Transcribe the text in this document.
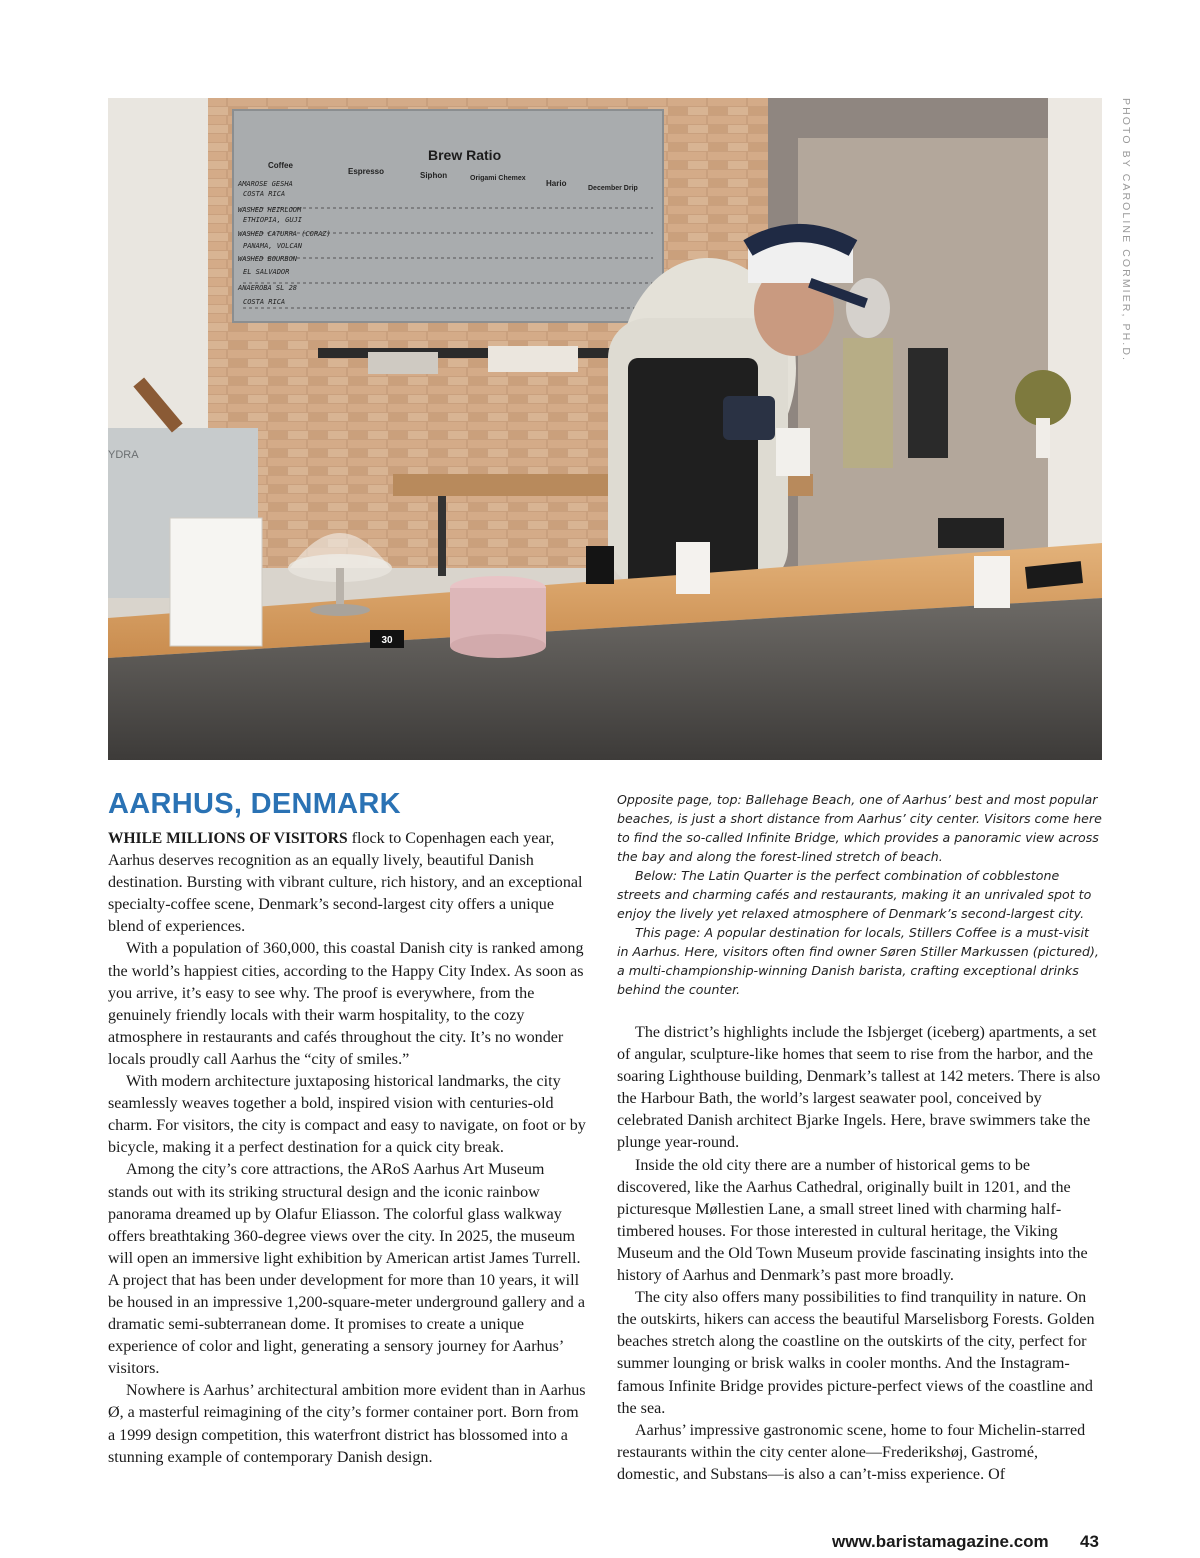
30
Brew Ratio
Coffee
Espresso	Siphon	Origami Chemex
Hario
December Drip
AMAROSE GESHA
COSTA RICA
WASHED HEIRLOOM
ETHIOPIA, GUJI
WASHED CATURRA (CORAZ)
PANAMA, VOLCAN
WASHED BOURBON
EL SALVADOR
ANAEROBA SL 28
COSTA RICA
YDRA
PHOTO BY CAROLINE CORMIER, PH.D.
AARHUS, DENMARK

WHILE MILLIONS OF VISITORS flock to Copenhagen each year, Aarhus deserves recognition as an equally lively, beautiful Danish destination. Bursting with vibrant culture, rich history, and an exceptional specialty-coffee scene, Denmark’s second-largest city offers a unique blend of experiences.

With a population of 360,000, this coastal Danish city is ranked among the world’s happiest cities, according to the Happy City Index. As soon as you arrive, it’s easy to see why. The proof is everywhere, from the genuinely friendly locals with their warm hospitality, to the cozy atmosphere in restaurants and cafés throughout the city. It’s no wonder locals proudly call Aarhus the “city of smiles.”

With modern architecture juxtaposing historical landmarks, the city seamlessly weaves together a bold, inspired vision with centuries-old charm. For visitors, the city is compact and easy to navigate, on foot or by bicycle, making it a perfect destination for a quick city break.

Among the city’s core attractions, the ARoS Aarhus Art Museum stands out with its striking structural design and the iconic rainbow panorama dreamed up by Olafur Eliasson. The colorful glass walkway offers breathtaking 360-degree views over the city. In 2025, the museum will open an immersive light exhibition by American artist James Turrell. A project that has been under development for more than 10 years, it will be housed in an impressive 1,200-square-meter underground gallery and a dramatic semi-subterranean dome. It promises to create a unique experience of color and light, generating a sensory journey for Aarhus’ visitors.

Nowhere is Aarhus’ architectural ambition more evident than in Aarhus Ø, a masterful reimagining of the city’s former container port. Born from a 1999 design competition, this waterfront district has blossomed into a stunning example of contemporary Danish design.

Opposite page, top: Ballehage Beach, one of Aarhus’ best and most popular beaches, is just a short distance from Aarhus’ city center. Visitors come here to find the so-called Infinite Bridge, which provides a panoramic view across the bay and along the forest-lined stretch of beach.

Below: The Latin Quarter is the perfect combination of cobblestone streets and charming cafés and restaurants, making it an unrivaled spot to enjoy the lively yet relaxed atmosphere of Denmark’s second-largest city.

This page: A popular destination for locals, Stillers Coffee is a must-visit in Aarhus. Here, visitors often find owner Søren Stiller Markussen (pictured), a multi-championship-winning Danish barista, crafting exceptional drinks behind the counter.

The district’s highlights include the Isbjerget (iceberg) apartments, a set of angular, sculpture-like homes that seem to rise from the harbor, and the soaring Lighthouse building, Denmark’s tallest at 142 meters. There is also the Harbour Bath, the world’s largest seawater pool, conceived by celebrated Danish architect Bjarke Ingels. Here, brave swimmers take the plunge year-round.

Inside the old city there are a number of historical gems to be discovered, like the Aarhus Cathedral, originally built in 1201, and the picturesque Møllestien Lane, a small street lined with charming half-timbered houses. For those interested in cultural heritage, the Viking Museum and the Old Town Museum provide fascinating insights into the history of Aarhus and Denmark’s past more broadly.

The city also offers many possibilities to find tranquility in nature. On the outskirts, hikers can access the beautiful Marselisborg Forests. Golden beaches stretch along the coastline on the outskirts of the city, perfect for summer lounging or brisk walks in cooler months. And the Instagram-famous Infinite Bridge provides picture-perfect views of the coastline and the sea.

Aarhus’ impressive gastronomic scene, home to four Michelin-starred restaurants within the city center alone—Frederikshøj, Gastromé, domestic, and Substans—is also a can’t-miss experience. Of

www.baristamagazine.com 43
